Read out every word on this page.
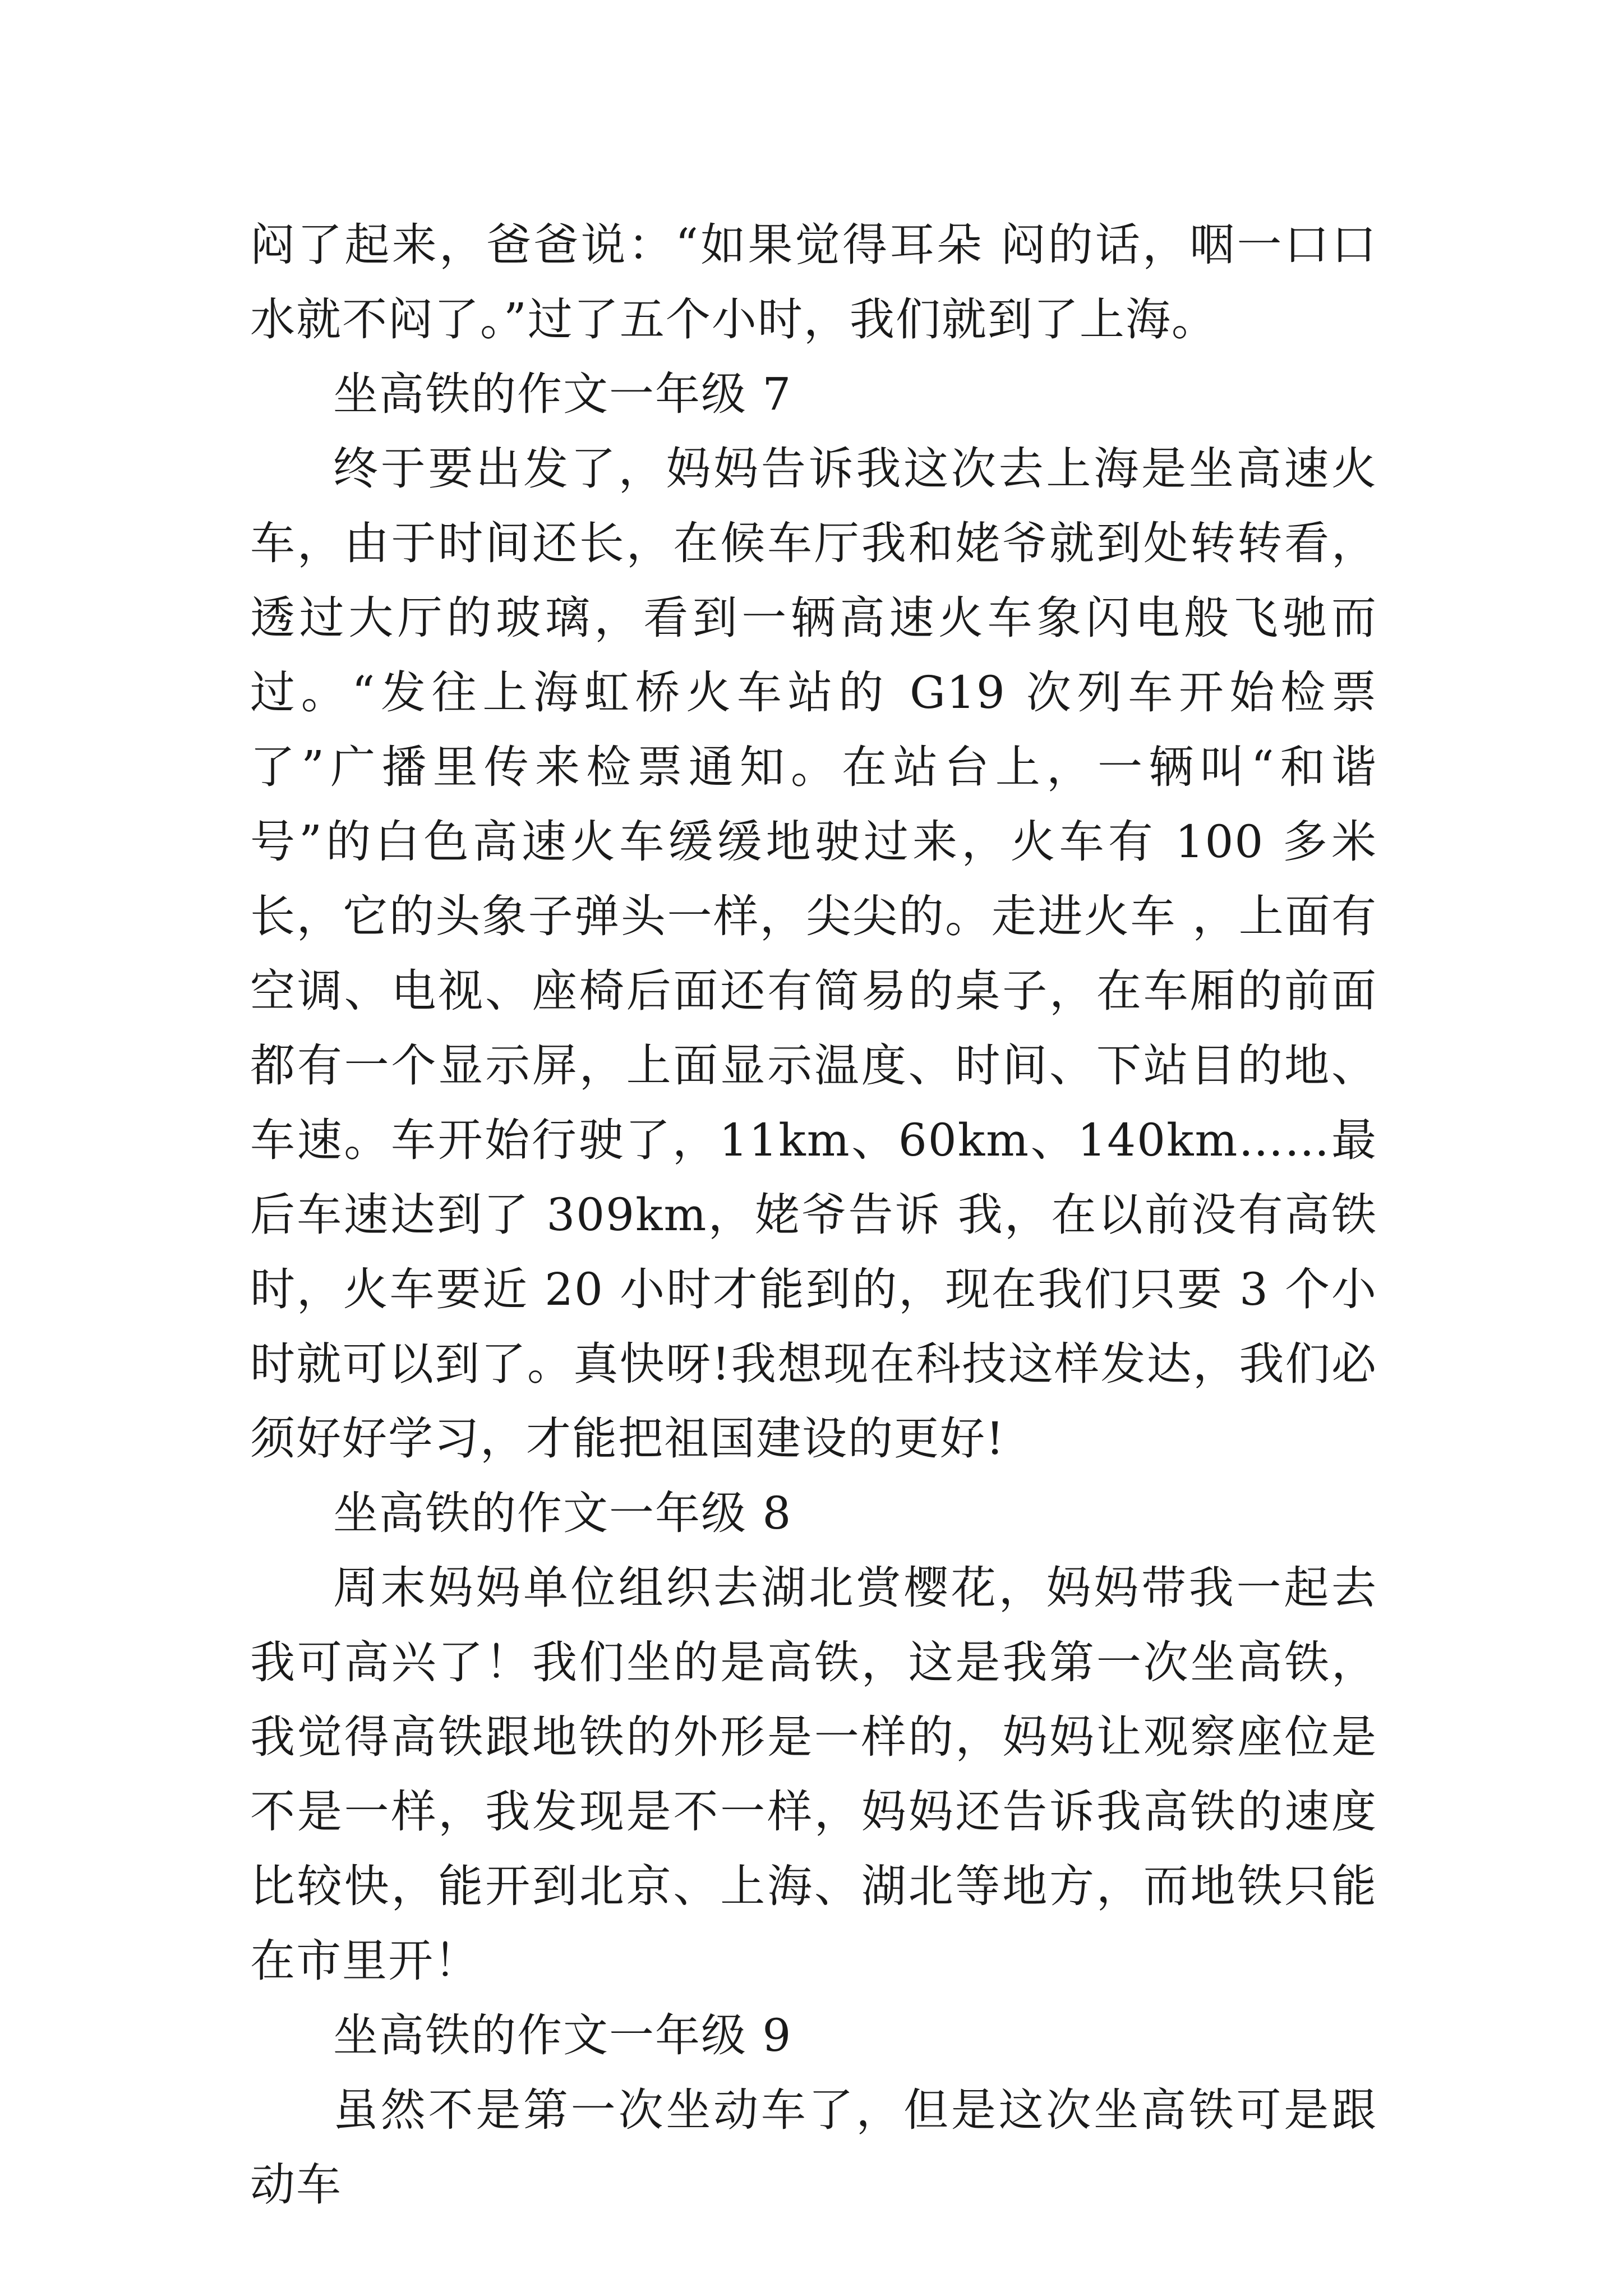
闷了起来，爸爸说：“如果觉得耳朵 闷的话，咽一口口水就不闷了。”过了五个小时，我们就到了上海。

坐高铁的作文一年级 7

终于要出发了，妈妈告诉我这次去上海是坐高速火车，由于时间还长，在候车厅我和姥爷就到处转转看，透过大厅的玻璃，看到一辆高速火车象闪电般飞驰而过。“发往上海虹桥火车站的 G19 次列车开始检票了”广播里传来检票通知。在站台上，一辆叫“和谐号”的白色高速火车缓缓地驶过来，火车有 100 多米长，它的头象子弹头一样，尖尖的。走进火车 ，上面有空调、电视、座椅后面还有简易的桌子，在车厢的前面都有一个显示屏，上面显示温度、时间、下站目的地、车速。车开始行驶了，11km、60km、140km……最后车速达到了 309km，姥爷告诉 我，在以前没有高铁时，火车要近 20 小时才能到的，现在我们只要 3 个小时就可以到了。真快呀!我想现在科技这样发达，我们必须好好学习，才能把祖国建设的更好!

坐高铁的作文一年级 8

周末妈妈单位组织去湖北赏樱花，妈妈带我一起去我可高兴了！我们坐的是高铁，这是我第一次坐高铁，我觉得高铁跟地铁的外形是一样的，妈妈让观察座位是不是一样，我发现是不一样，妈妈还告诉我高铁的速度比较快，能开到北京、上海、湖北等地方，而地铁只能在市里开！

坐高铁的作文一年级 9

虽然不是第一次坐动车了，但是这次坐高铁可是跟动车
